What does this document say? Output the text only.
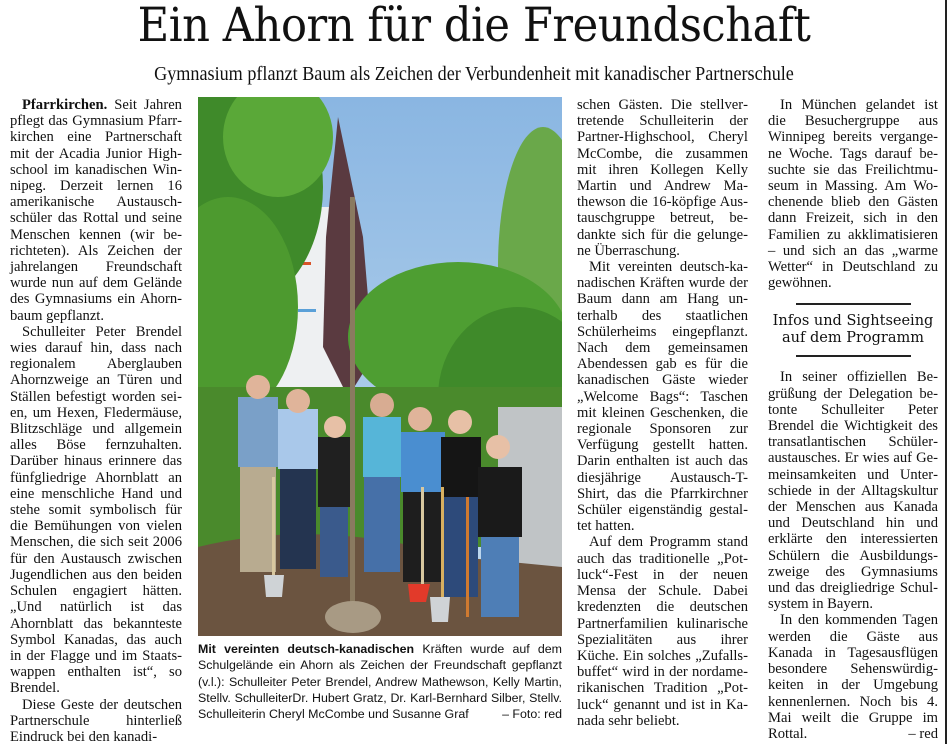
Ein Ahorn für die Freundschaft
Gymnasium pflanzt Baum als Zeichen der Verbundenheit mit kanadischer Partnerschule

Pfarrkirchen. Seit Jahren pflegt das Gymnasium Pfarrkirchen eine Partnerschaft mit der Acadia Junior Highschool im kanadischen Winnipeg. Derzeit lernen 16 amerikanische Austauschschüler das Rottal und seine Menschen kennen (wir berichteten). Als Zeichen der jahrelangen Freundschaft wurde nun auf dem Gelände des Gymnasiums ein Ahornbaum gepflanzt.

Schulleiter Peter Brendel wies darauf hin, dass nach regionalem Aberglauben Ahornzweige an Türen und Ställen befestigt worden seien, um Hexen, Fledermäuse, Blitzschläge und allgemein alles Böse fernzuhalten. Darüber hinaus erinnere das fünfgliedrige Ahornblatt an eine menschliche Hand und stehe somit symbolisch für die Bemühungen von vielen Menschen, die sich seit 2006 für den Austausch zwischen Jugendlichen aus den beiden Schulen engagiert hätten. „Und natürlich ist das Ahornblatt das bekannteste Symbol Kanadas, das auch in der Flagge und im Staatswappen enthalten ist“, so Brendel.

Diese Geste der deutschen Partnerschule hinterließ Eindruck bei den kanadi-

Mit vereinten deutsch-kanadischen Kräften wurde auf dem Schulgelände ein Ahorn als Zeichen der Freundschaft gepflanzt (v.l.): Schulleiter Peter Brendel, Andrew Mathewson, Kelly Martin, Stellv. SchulleiterDr. Hubert Gratz, Dr. Karl-Bernhard Silber, Stellv. Schulleiterin Cheryl McCombe und Susanne Graf	– Foto: red

schen Gästen. Die stellvertretende Schulleiterin der Partner-Highschool, Cheryl McCombe, die zusammen mit ihren Kollegen Kelly Martin und Andrew Mathewson die 16-köpfige Austauschgruppe betreut, bedankte sich für die gelungene Überraschung.

Mit vereinten deutsch-kanadischen Kräften wurde der Baum dann am Hang unterhalb des staatlichen Schülerheims eingepflanzt. Nach dem gemeinsamen Abendessen gab es für die kanadischen Gäste wieder „Welcome Bags“: Taschen mit kleinen Geschenken, die regionale Sponsoren zur Verfügung gestellt hatten. Darin enthalten ist auch das diesjährige Austausch-T-Shirt, das die Pfarrkirchner Schüler eigenständig gestaltet hatten.

Auf dem Programm stand auch das traditionelle „Potluck“-Fest in der neuen Mensa der Schule. Dabei kredenzten die deutschen Partnerfamilien kulinarische Spezialitäten aus ihrer Küche. Ein solches „Zufallsbuffet“ wird in der nordamerikanischen Tradition „Potluck“ genannt und ist in Kanada sehr beliebt.

In München gelandet ist die Besuchergruppe aus Winnipeg bereits vergangene Woche. Tags darauf besuchte sie das Freilichtmuseum in Massing. Am Wochenende blieb den Gästen dann Freizeit, sich in den Familien zu akklimatisieren – und sich an das „warme Wetter“ in Deutschland zu gewöhnen.

Infos und Sightseeing
auf dem Programm

In seiner offiziellen Begrüßung der Delegation betonte Schulleiter Peter Brendel die Wichtigkeit des transatlantischen Schüleraustausches. Er wies auf Gemeinsamkeiten und Unterschiede in der Alltagskultur der Menschen aus Kanada und Deutschland hin und erklärte den interessierten Schülern die Ausbildungszweige des Gymnasiums und das dreigliedrige Schulsystem in Bayern.

In den kommenden Tagen werden die Gäste aus Kanada in Tagesausflügen besondere Sehenswürdigkeiten in der Umgebung kennenlernen. Noch bis 4. Mai weilt die Gruppe im Rottal.	– red
